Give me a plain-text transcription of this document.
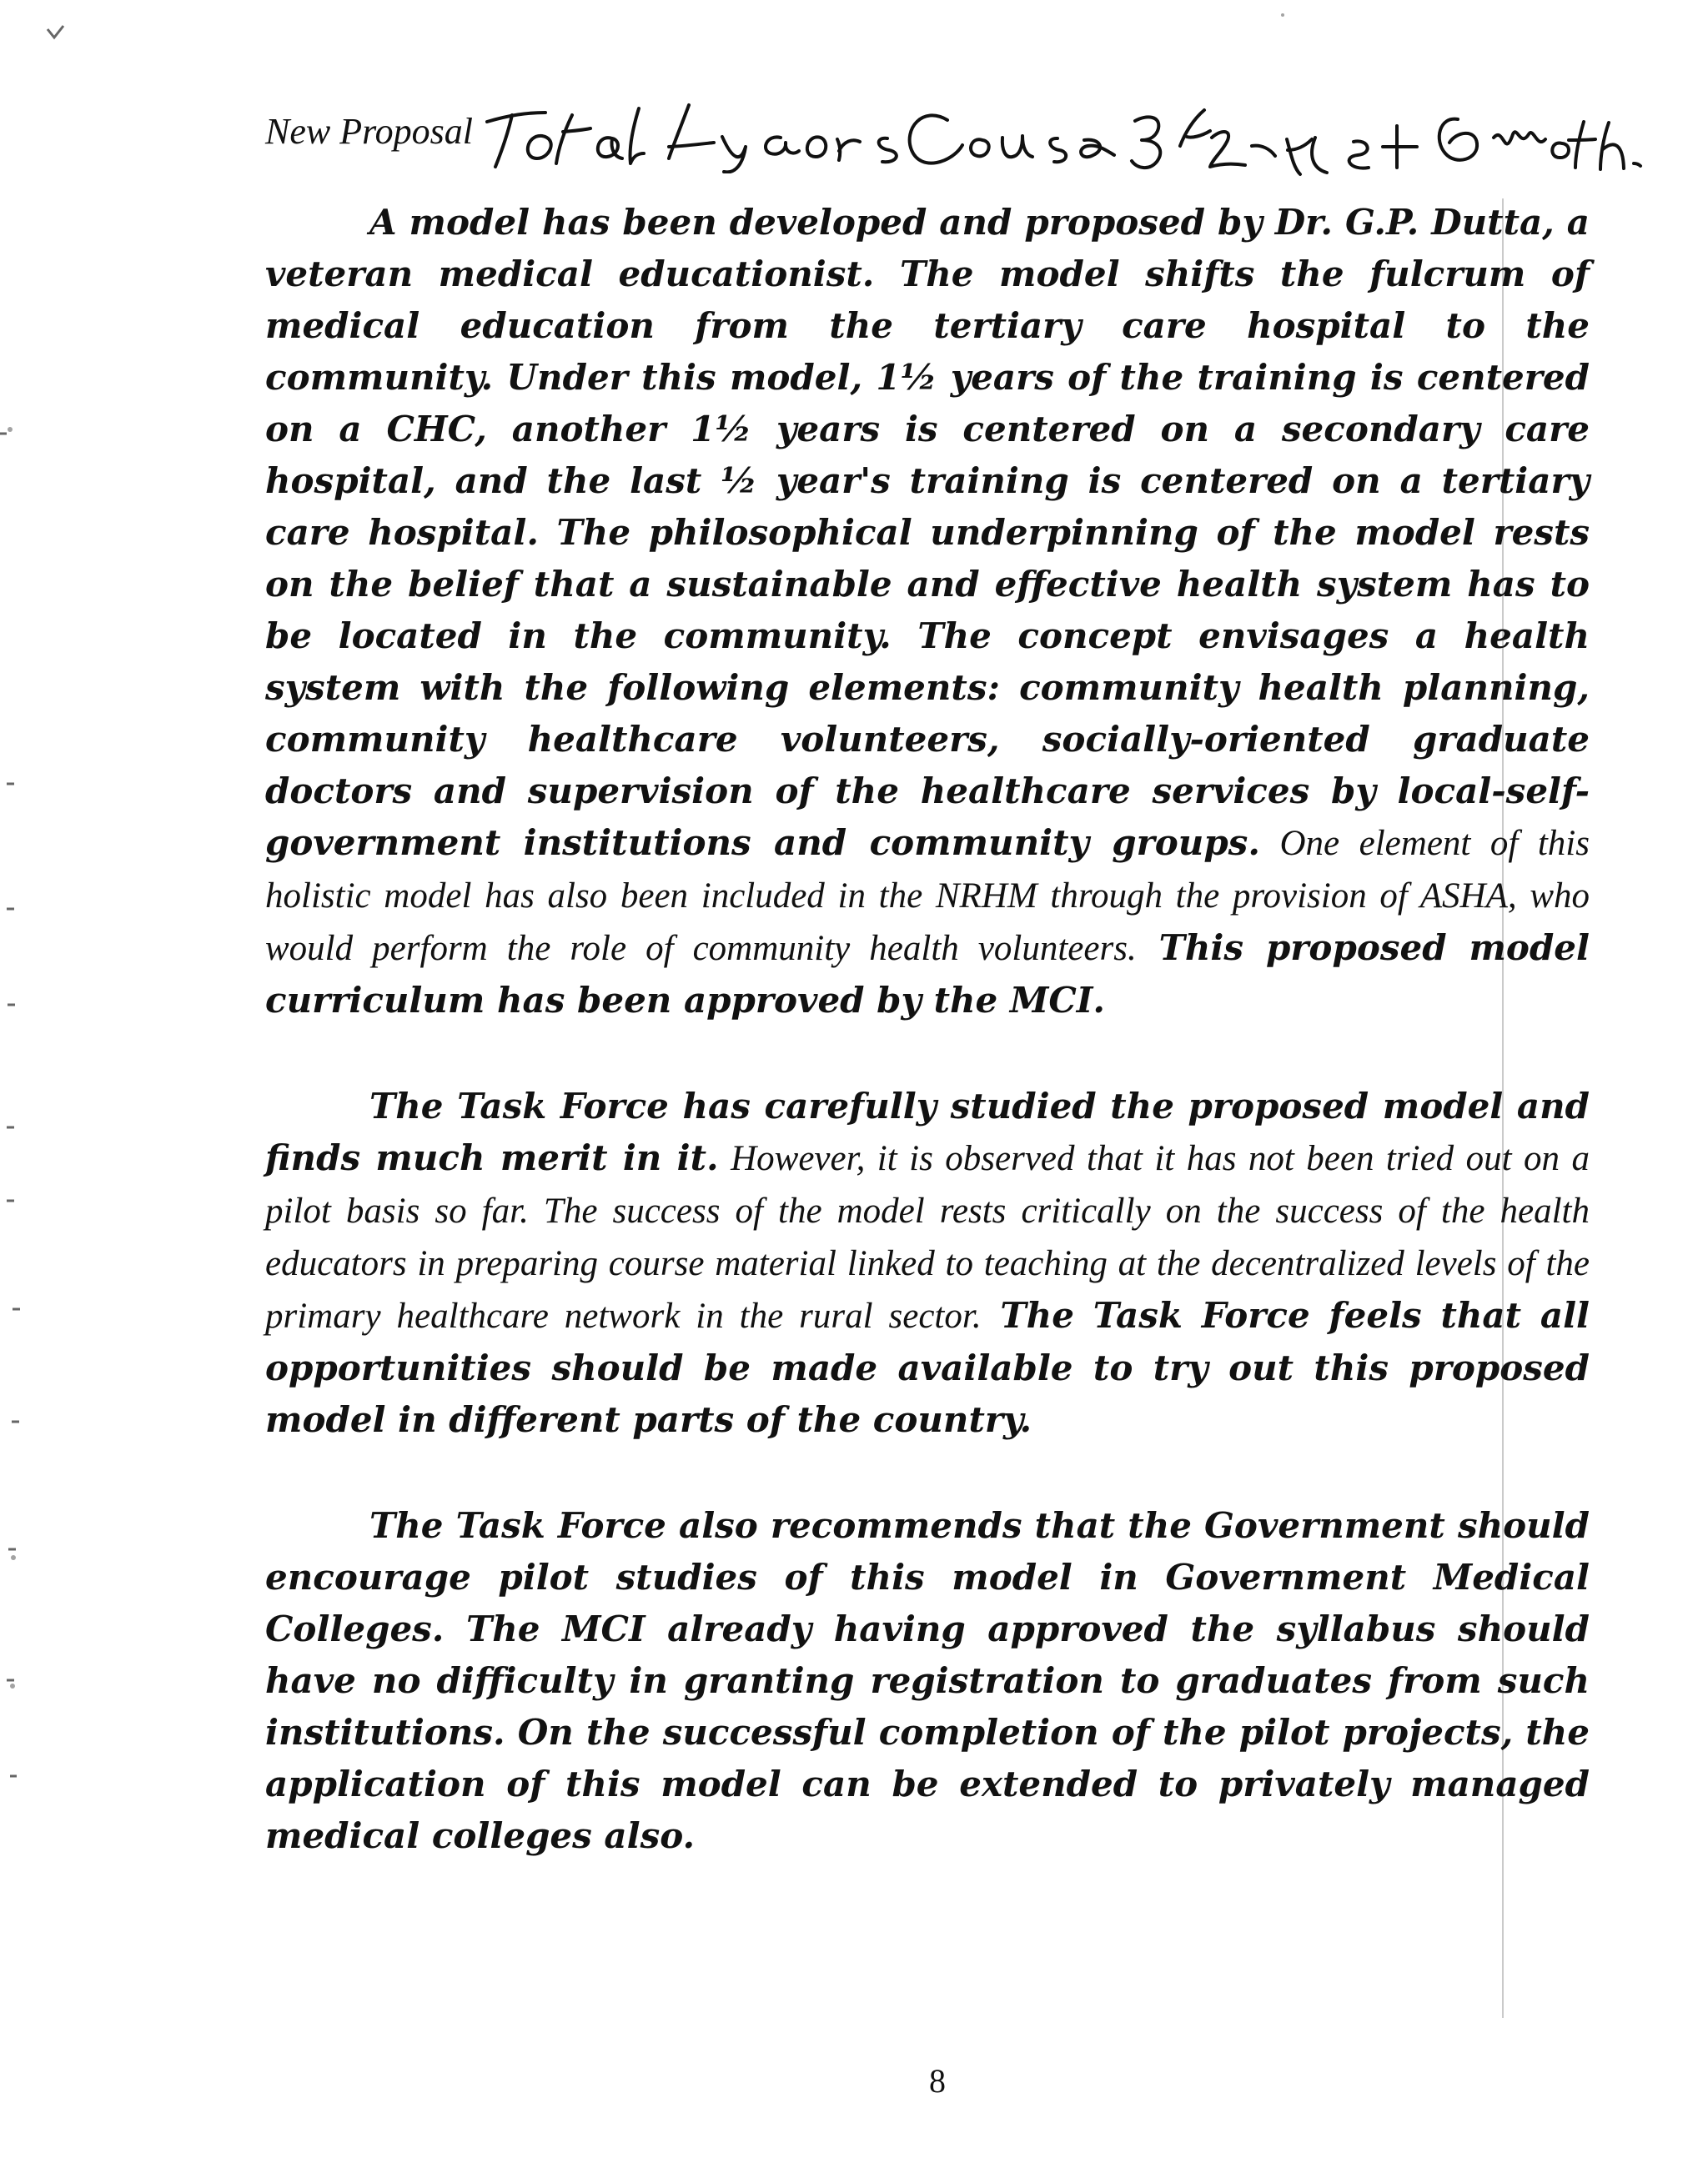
New Proposal

A model has been developed and proposed by Dr. G.P. Dutta, a veteran medical educationist. The model shifts the fulcrum of medical education from the tertiary care hospital to the community. Under this model, 1½ years of the training is centered on a CHC, another 1½ years is centered on a secondary care hospital, and the last ½ year's training is centered on a tertiary care hospital. The philosophical underpinning of the model rests on the belief that a sustainable and effective health system has to be located in the community. The concept envisages a health system with the following elements: community health planning, community healthcare volunteers, socially-oriented graduate doctors and supervision of the healthcare services by local-self-government institutions and community groups. One element of this holistic model has also been included in the NRHM through the provision of ASHA, who would perform the role of community health volunteers. This proposed model curriculum has been approved by the MCI.

The Task Force has carefully studied the proposed model and finds much merit in it. However, it is observed that it has not been tried out on a pilot basis so far. The success of the model rests critically on the success of the health educators in preparing course material linked to teaching at the decentralized levels of the primary healthcare network in the rural sector. The Task Force feels that all opportunities should be made available to try out this proposed model in different parts of the country.

The Task Force also recommends that the Government should encourage pilot studies of this model in Government Medical Colleges. The MCI already having approved the syllabus should have no difficulty in granting registration to graduates from such institutions. On the successful completion of the pilot projects, the application of this model can be extended to privately managed medical colleges also.

8
